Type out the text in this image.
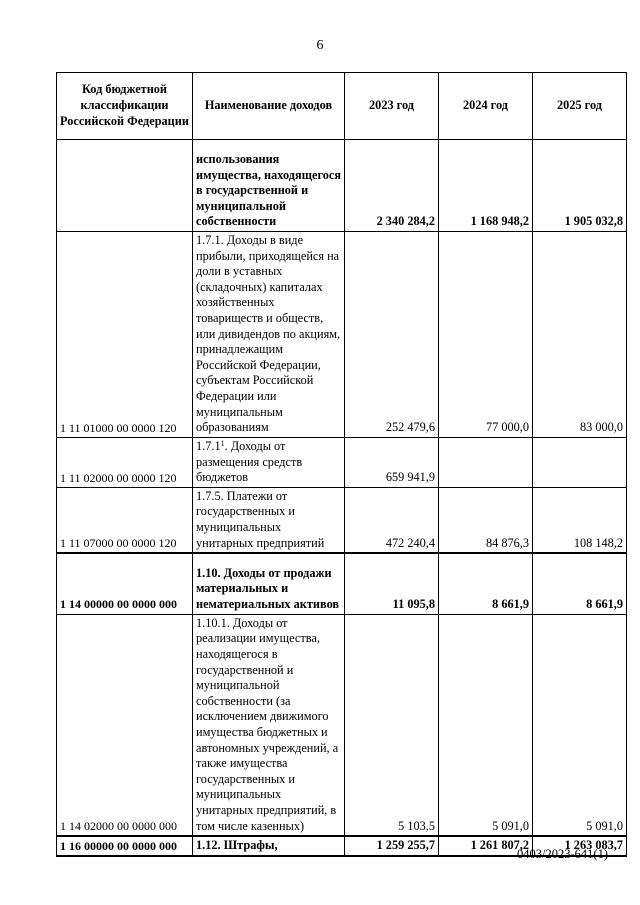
6
Код бюджетной классификации Российской Федерации	Наименование доходов	2023 год	2024 год	2025 год
	использования имущества, находящегося в государственной и муниципальной собственности	2 340 284,2	1 168 948,2	1 905 032,8
1 11 01000 00 0000 120	1.7.1. Доходы в виде прибыли, приходящейся на доли в уставных (складочных) капиталах хозяйственных товариществ и обществ, или дивидендов по акциям, принадлежащим Российской Федерации, субъектам Российской Федерации или муниципальным образованиям	252 479,6	77 000,0	83 000,0
1 11 02000 00 0000 120	1.7.1$^1$. Доходы от размещения средств бюджетов	659 941,9		
1 11 07000 00 0000 120	1.7.5. Платежи от государственных и муниципальных унитарных предприятий	472 240,4	84 876,3	108 148,2
1 14 00000 00 0000 000	1.10. Доходы от продажи материальных и нематериальных активов	11 095,8	8 661,9	8 661,9
1 14 02000 00 0000 000	1.10.1. Доходы от реализации имущества, находящегося в государственной и муниципальной собственности (за исключением движимого имущества бюджетных и автономных учреждений, а также имущества государственных и муниципальных унитарных предприятий, в том числе казенных)	5 103,5	5 091,0	5 091,0
1 16 00000 00 0000 000	1.12. Штрафы,	1 259 255,7	1 261 807,2	1 263 083,7
0403/2023-641(1)
